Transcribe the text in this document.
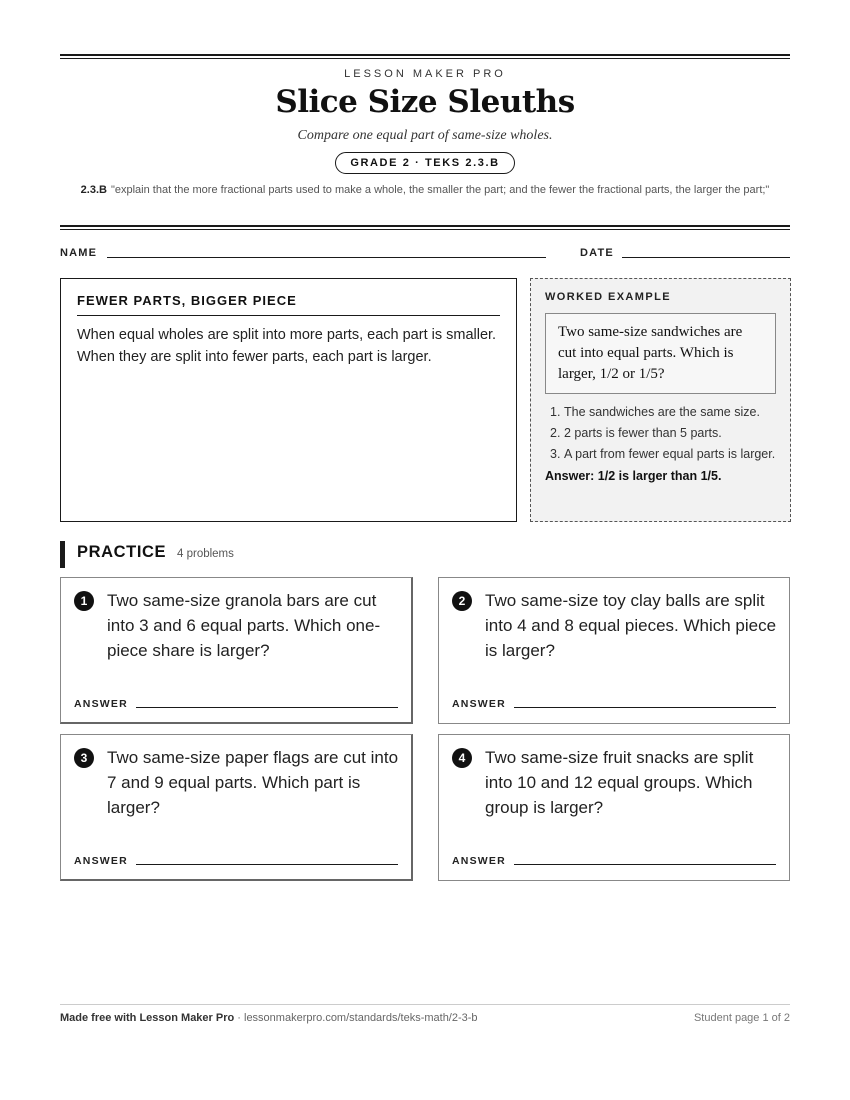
LESSON MAKER PRO
Slice Size Sleuths
Compare one equal part of same-size wholes.
GRADE 2 · TEKS 2.3.B
2.3.B "explain that the more fractional parts used to make a whole, the smaller the part; and the fewer the fractional parts, the larger the part;"
NAME	DATE
FEWER PARTS, BIGGER PIECE
When equal wholes are split into more parts, each part is smaller. When they are split into fewer parts, each part is larger.
WORKED EXAMPLE
Two same-size sandwiches are cut into equal parts. Which is larger, 1/2 or 1/5?
1. The sandwiches are the same size.
2. 2 parts is fewer than 5 parts.
3. A part from fewer equal parts is larger.
Answer: 1/2 is larger than 1/5.
PRACTICE 4 problems
1	Two same-size granola bars are cut into 3 and 6 equal parts. Which one-piece share is larger?
ANSWER
2	Two same-size toy clay balls are split into 4 and 8 equal pieces. Which piece is larger?
ANSWER
3	Two same-size paper flags are cut into 7 and 9 equal parts. Which part is larger?
ANSWER
4	Two same-size fruit snacks are split into 10 and 12 equal groups. Which group is larger?
ANSWER
Made free with Lesson Maker Pro · lessonmakerpro.com/standards/teks-math/2-3-b	Student page 1 of 2
